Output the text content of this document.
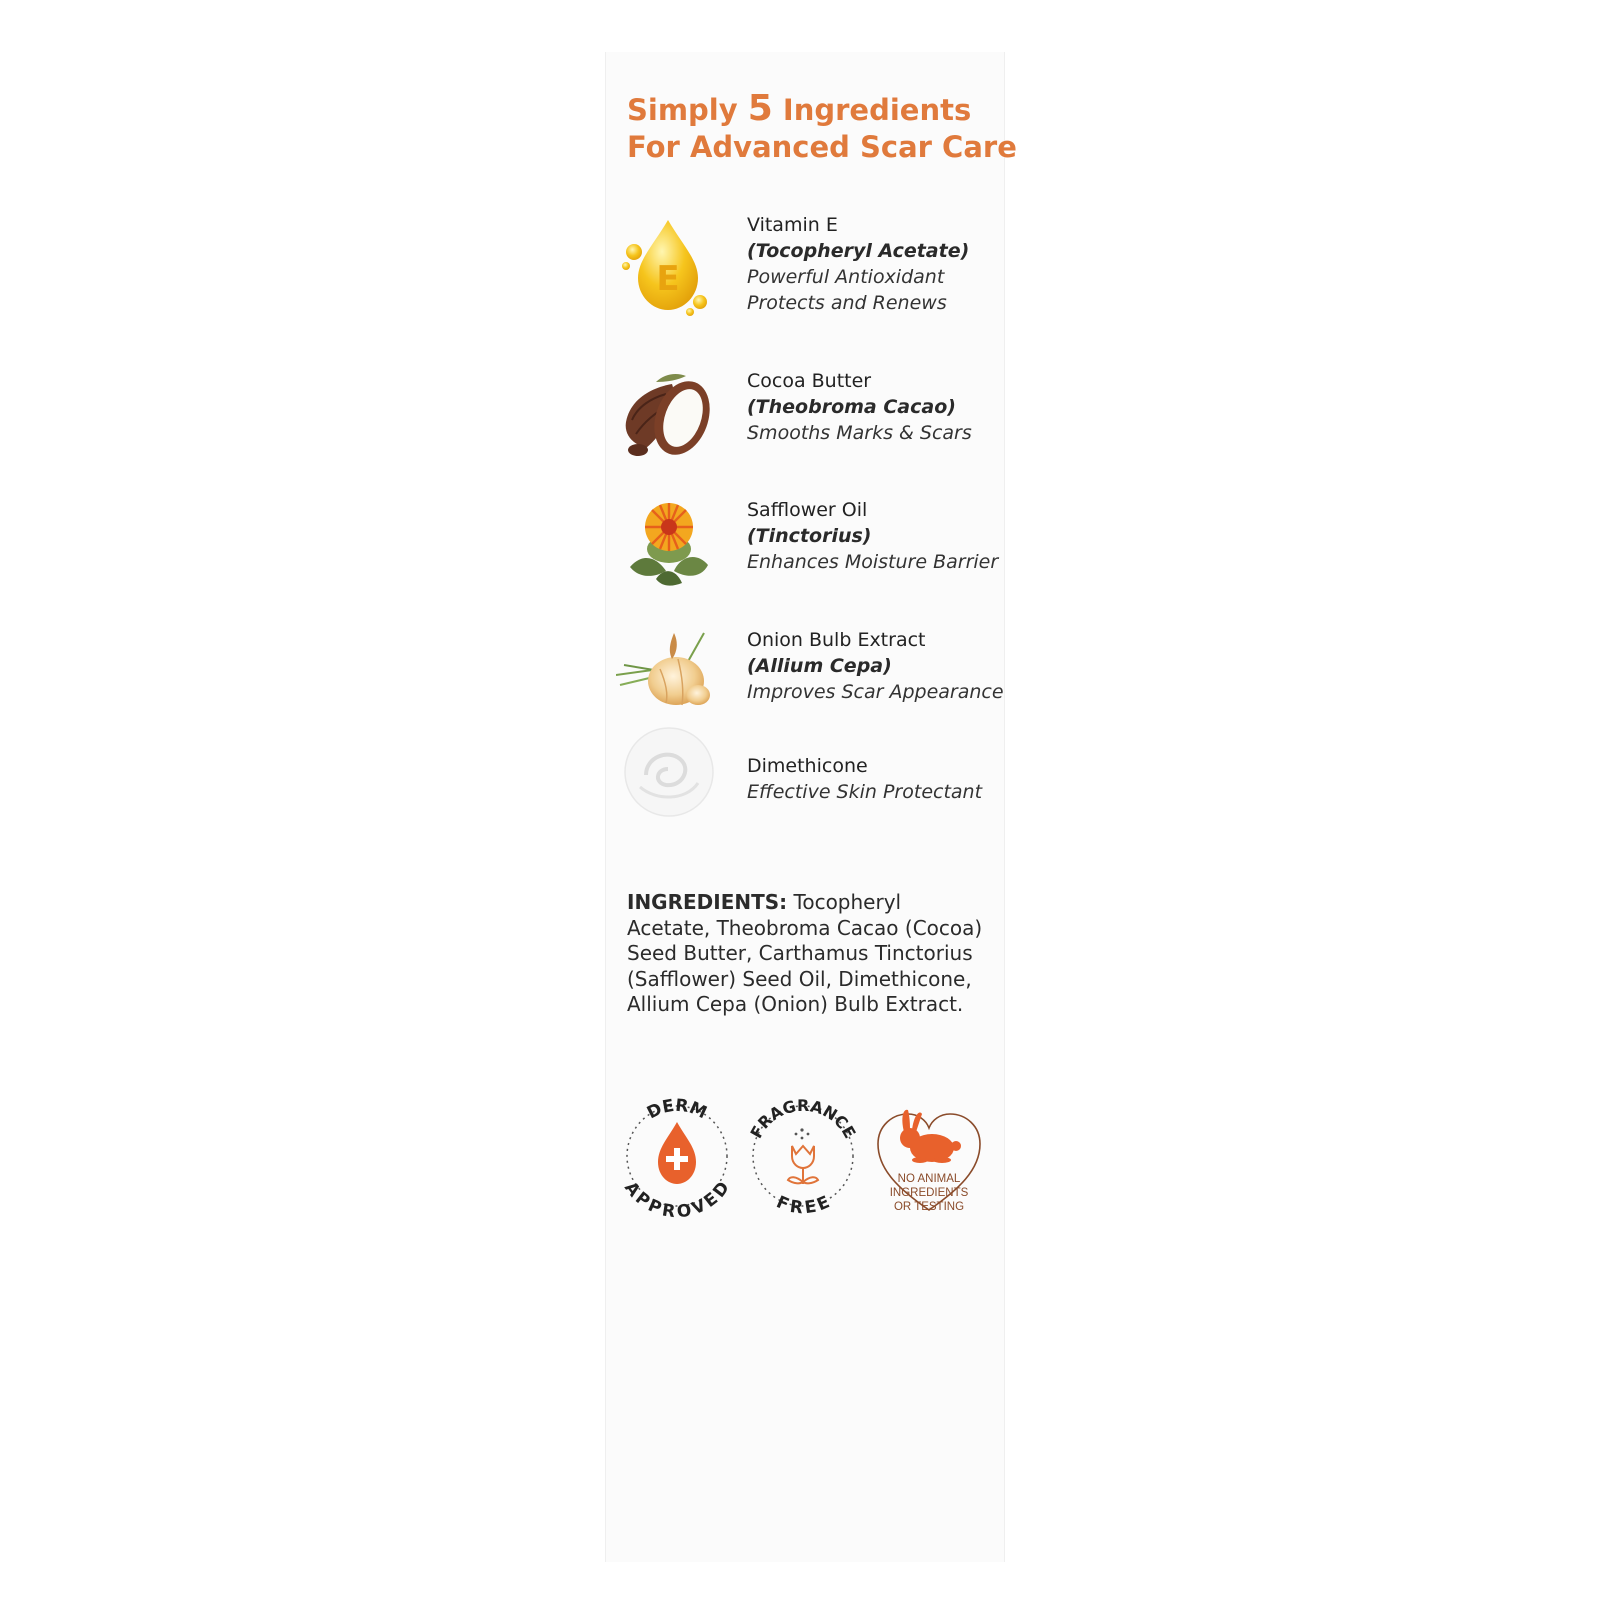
Simply 5 Ingredients
For Advanced Scar Care
E
Vitamin E
(Tocopheryl Acetate)
Powerful Antioxidant
Protects and Renews
Cocoa Butter
(Theobroma Cacao)
Smooths Marks & Scars
Safflower Oil
(Tinctorius)
Enhances Moisture Barrier
Onion Bulb Extract
(Allium Cepa)
Improves Scar Appearance
Dimethicone
Effective Skin Protectant
INGREDIENTS: Tocopheryl Acetate, Theobroma Cacao (Cocoa) Seed Butter, Carthamus Tinctorius (Safflower) Seed Oil, Dimethicone, Allium Cepa (Onion) Bulb Extract.
DERM
APPROVED
FRAGRANCE
FREE
NO ANIMAL
INGREDIENTS
OR TESTING
